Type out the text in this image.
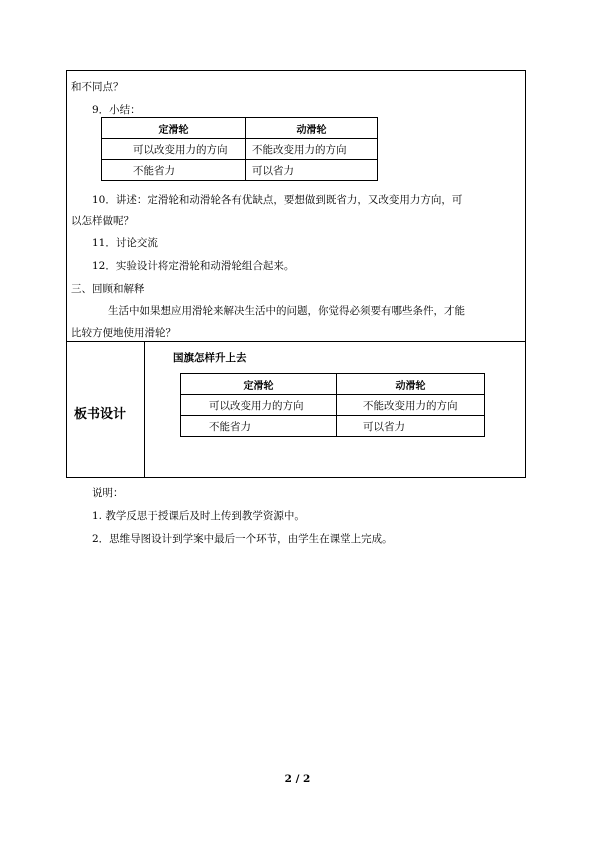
和不同点？
9．小结：
定滑轮	动滑轮
可以改变用力的方向	不能改变用力的方向
不能省力	可以省力
10．讲述：定滑轮和动滑轮各有优缺点，要想做到既省力，又改变用力方向，可
以怎样做呢？
11．讨论交流
12．实验设计将定滑轮和动滑轮组合起来。
三、回顾和解释
生活中如果想应用滑轮来解决生活中的问题，你觉得必须要有哪些条件，才能
比较方便地使用滑轮？
板书设计
国旗怎样升上去
定滑轮	动滑轮
可以改变用力的方向	不能改变用力的方向
不能省力	可以省力
说明：
1. 教学反思于授课后及时上传到教学资源中。
2．思维导图设计到学案中最后一个环节，由学生在课堂上完成。
2 / 2
